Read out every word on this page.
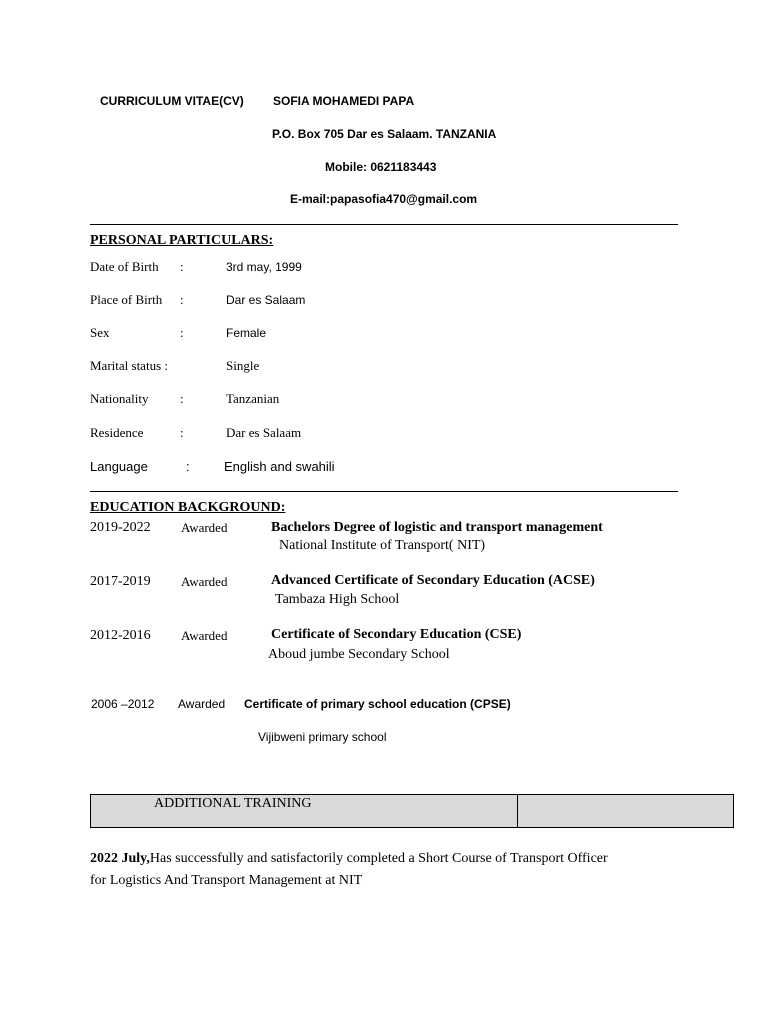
CURRICULUM VITAE(CV) SOFIA MOHAMEDI PAPA
P.O. Box 705 Dar es Salaam. TANZANIA
Mobile: 0621183443
E-mail:papasofia470@gmail.com
PERSONAL PARTICULARS:
Date of Birth :	3rd may, 1999
Place of Birth :	Dar es Salaam
Sex	:	Female
Marital status :	Single
Nationality :	Tanzanian
Residence	:	Dar es Salaam
Language	:	English and swahili
EDUCATION BACKGROUND:
2019-2022 Awarded	Bachelors Degree of logistic and transport management
National Institute of Transport( NIT)
2017-2019 Awarded	Advanced Certificate of Secondary Education (ACSE)
Tambaza High School
2012-2016 Awarded	Certificate of Secondary Education (CSE)
Aboud jumbe Secondary School
2006 –2012 Awarded Certificate of primary school education (CPSE)
Vijibweni primary school
ADDITIONAL TRAINING
2022 July,Has successfully and satisfactorily completed a Short Course of Transport Officer
for Logistics And Transport Management at NIT
